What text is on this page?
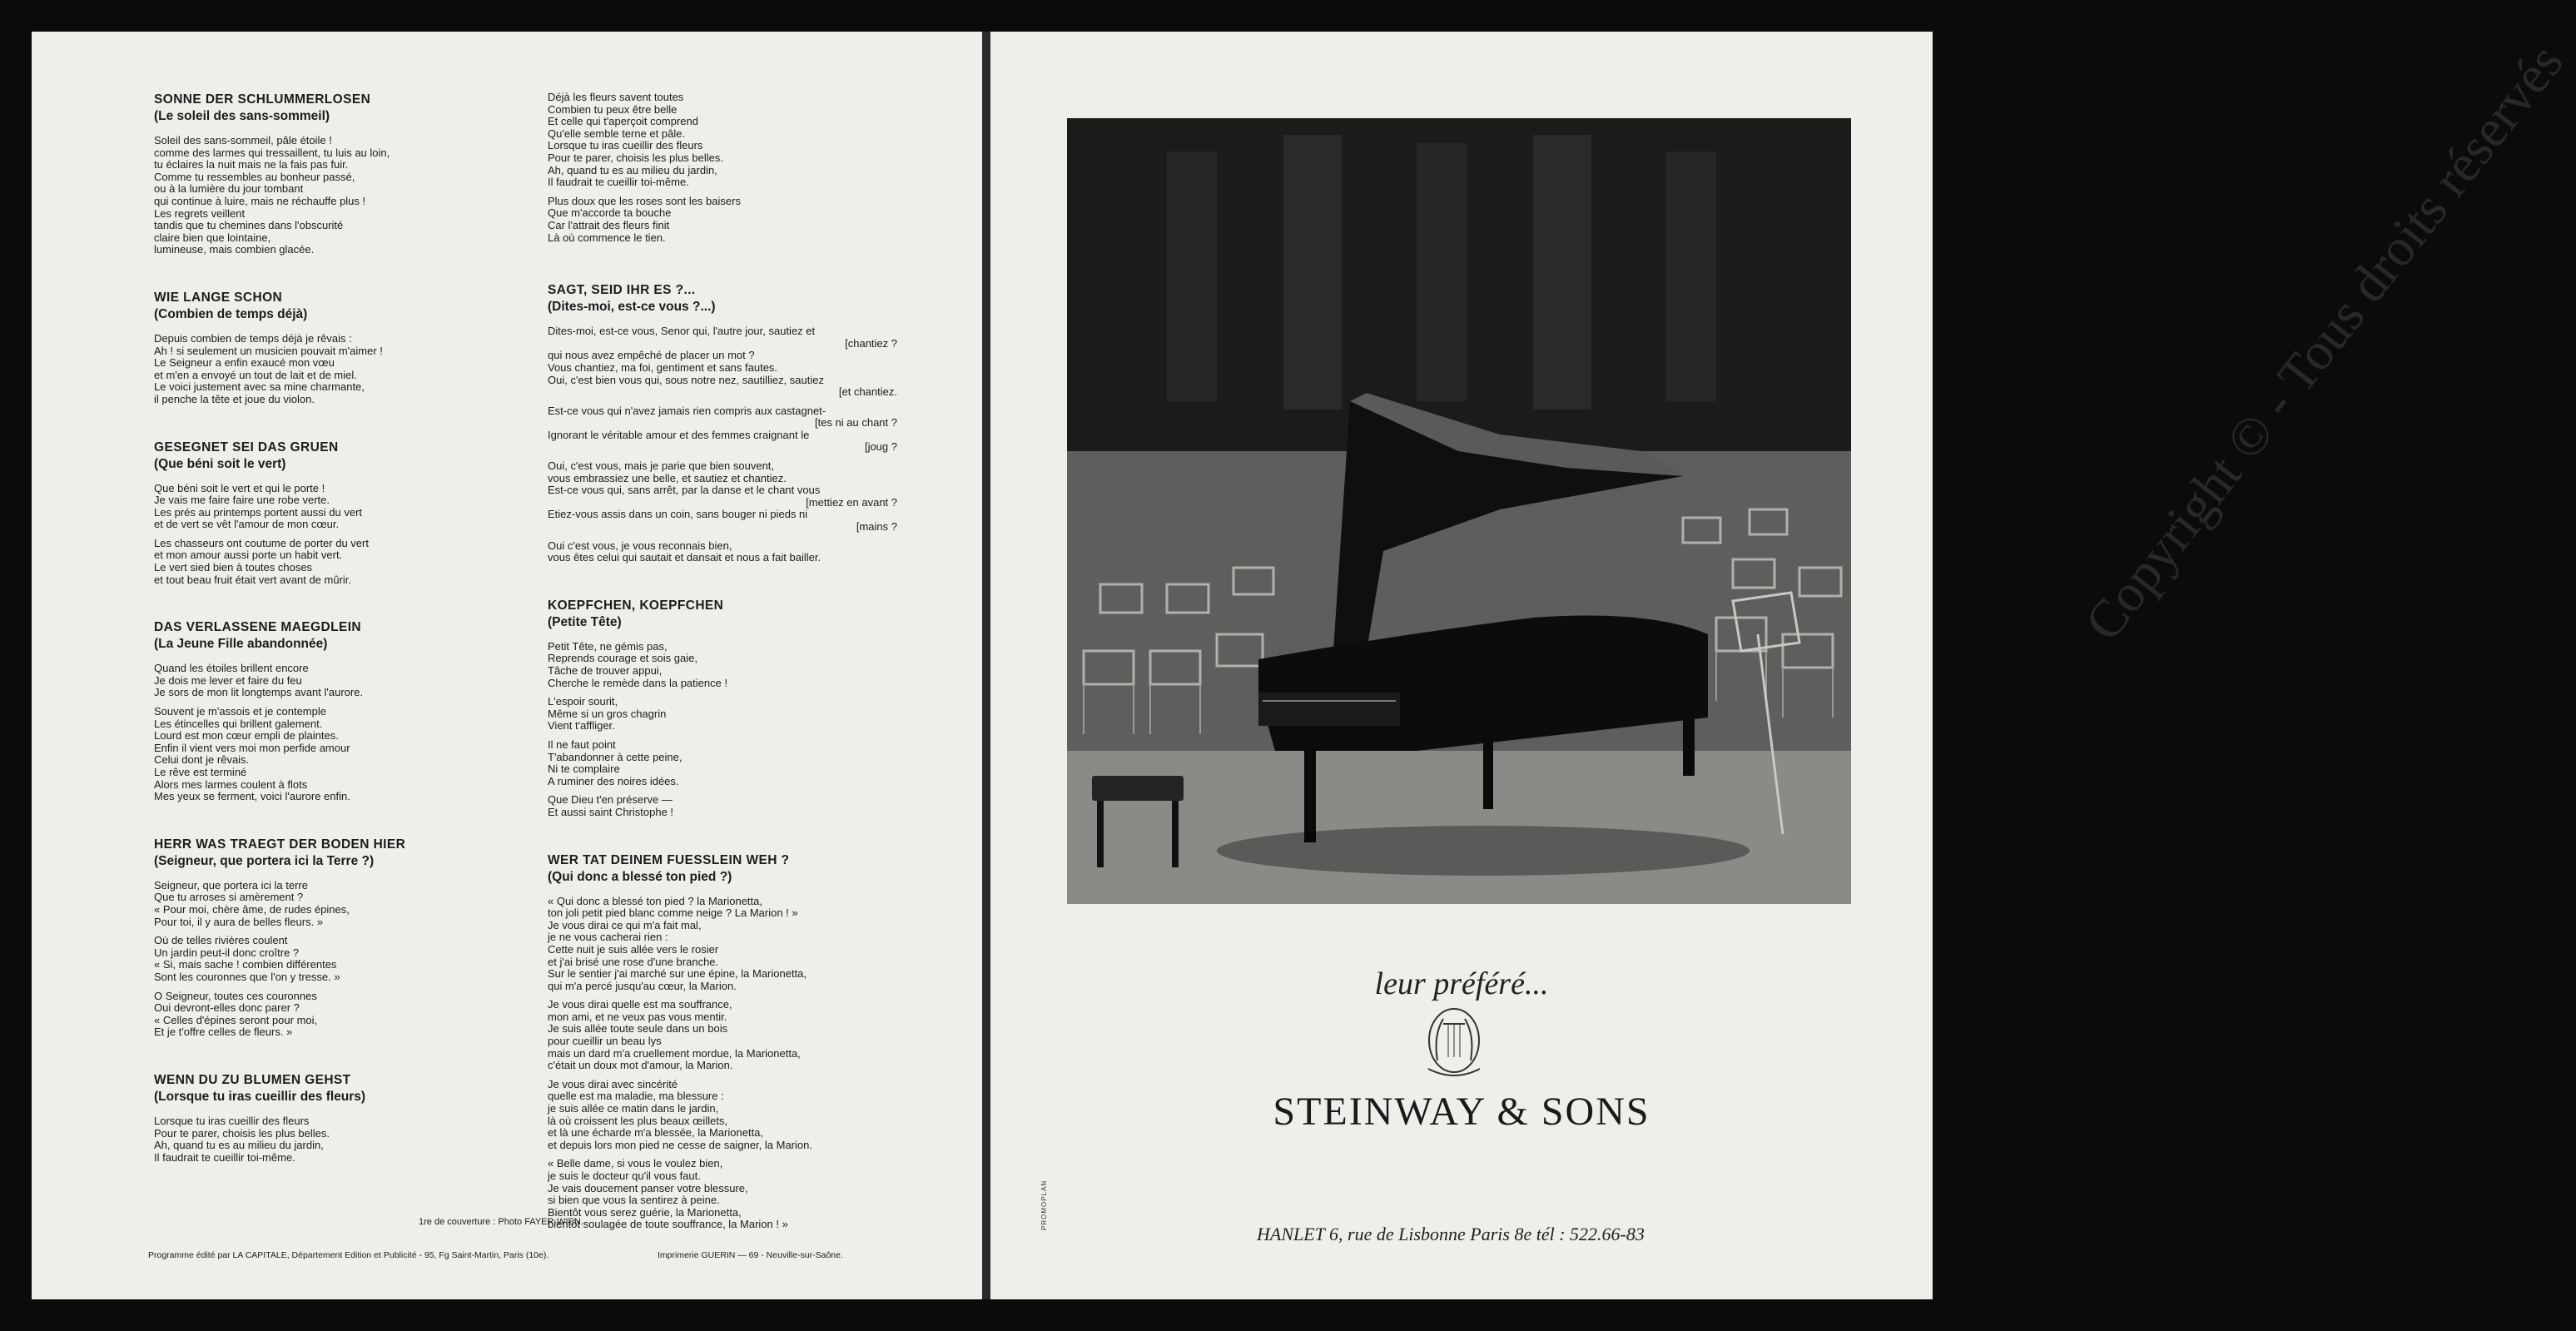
SONNE DER SCHLUMMERLOSEN
(Le soleil des sans-sommeil)
Soleil des sans-sommeil, pâle étoile !
comme des larmes qui tressaillent, tu luis au loin,
tu éclaires la nuit mais ne la fais pas fuir.
Comme tu ressembles au bonheur passé,
ou à la lumière du jour tombant
qui continue à luire, mais ne réchauffe plus !
Les regrets veillent
tandis que tu chemines dans l'obscurité
claire bien que lointaine,
lumineuse, mais combien glacée.
WIE LANGE SCHON
(Combien de temps déjà)
Depuis combien de temps déjà je rêvais :
Ah ! si seulement un musicien pouvait m'aimer !
Le Seigneur a enfin exaucé mon vœu
et m'en a envoyé un tout de lait et de miel.
Le voici justement avec sa mine charmante,
il penche la tête et joue du violon.
GESEGNET SEI DAS GRUEN
(Que béni soit le vert)
Que béni soit le vert et qui le porte !
Je vais me faire faire une robe verte.
Les prés au printemps portent aussi du vert
et de vert se vêt l'amour de mon cœur.
Les chasseurs ont coutume de porter du vert
et mon amour aussi porte un habit vert.
Le vert sied bien à toutes choses
et tout beau fruit était vert avant de mûrir.
DAS VERLASSENE MAEGDLEIN
(La Jeune Fille abandonnée)
Quand les étoiles brillent encore
Je dois me lever et faire du feu
Je sors de mon lit longtemps avant l'aurore.
Souvent je m'assois et je contemple
Les étincelles qui brillent galement.
Lourd est mon cœur empli de plaintes.
Enfin il vient vers moi mon perfide amour
Celui dont je rêvais.
Le rêve est terminé
Alors mes larmes coulent à flots
Mes yeux se ferment, voici l'aurore enfin.
HERR WAS TRAEGT DER BODEN HIER
(Seigneur, que portera ici la Terre ?)
Seigneur, que portera ici la terre
Que tu arroses si amèrement ?
« Pour moi, chère âme, de rudes épines,
Pour toi, il y aura de belles fleurs. »
Où de telles rivières coulent
Un jardin peut-il donc croître ?
« Si, mais sache ! combien différentes
Sont les couronnes que l'on y tresse. »
O Seigneur, toutes ces couronnes
Oui devront-elles donc parer ?
« Celles d'épines seront pour moi,
Et je t'offre celles de fleurs. »
WENN DU ZU BLUMEN GEHST
(Lorsque tu iras cueillir des fleurs)
Lorsque tu iras cueillir des fleurs
Pour te parer, choisis les plus belles.
Ah, quand tu es au milieu du jardin,
Il faudrait te cueillir toi-même.
Déjà les fleurs savent toutes
Combien tu peux être belle
Et celle qui t'aperçoit comprend
Qu'elle semble terne et pâle.
Lorsque tu iras cueillir des fleurs
Pour te parer, choisis les plus belles.
Ah, quand tu es au milieu du jardin,
Il faudrait te cueillir toi-même.
Plus doux que les roses sont les baisers
Que m'accorde ta bouche
Car l'attrait des fleurs finit
Là où commence le tien.
SAGT, SEID IHR ES ?...
(Dites-moi, est-ce vous ?...)
Dites-moi, est-ce vous, Senor qui, l'autre jour, sautiez et
[chantiez ?
qui nous avez empêché de placer un mot ?
Vous chantiez, ma foi, gentiment et sans fautes.
Oui, c'est bien vous qui, sous notre nez, sautilliez, sautiez
[et chantiez.
Est-ce vous qui n'avez jamais rien compris aux castagnet-
[tes ni au chant ?
Ignorant le véritable amour et des femmes craignant le
[joug ?
Oui, c'est vous, mais je parie que bien souvent,
vous embrassiez une belle, et sautiez et chantiez.
Est-ce vous qui, sans arrêt, par la danse et le chant vous
[mettiez en avant ?
Etiez-vous assis dans un coin, sans bouger ni pieds ni
[mains ?
Oui c'est vous, je vous reconnais bien,
vous êtes celui qui sautait et dansait et nous a fait bailler.
KOEPFCHEN, KOEPFCHEN
(Petite Tête)
Petit Tête, ne gémis pas,
Reprends courage et sois gaie,
Tâche de trouver appui,
Cherche le remède dans la patience !
L'espoir sourit,
Même si un gros chagrin
Vient t'affliger.
Il ne faut point
T'abandonner à cette peine,
Ni te complaire
A ruminer des noires idées.
Que Dieu t'en préserve —
Et aussi saint Christophe !
WER TAT DEINEM FUESSLEIN WEH ?
(Qui donc a blessé ton pied ?)
« Qui donc a blessé ton pied ? la Marionetta,
ton joli petit pied blanc comme neige ? La Marion ! »
Je vous dirai ce qui m'a fait mal,
je ne vous cacherai rien :
Cette nuit je suis allée vers le rosier
et j'ai brisé une rose d'une branche.
Sur le sentier j'ai marché sur une épine, la Marionetta,
qui m'a percé jusqu'au cœur, la Marion.
Je vous dirai quelle est ma souffrance,
mon ami, et ne veux pas vous mentir.
Je suis allée toute seule dans un bois
pour cueillir un beau lys
mais un dard m'a cruellement mordue, la Marionetta,
c'était un doux mot d'amour, la Marion.
Je vous dirai avec sincérité
quelle est ma maladie, ma blessure :
je suis allée ce matin dans le jardin,
là où croissent les plus beaux œillets,
et là une écharde m'a blessée, la Marionetta,
et depuis lors mon pied ne cesse de saigner, la Marion.
« Belle dame, si vous le voulez bien,
je suis le docteur qu'il vous faut.
Je vais doucement panser votre blessure,
si bien que vous la sentirez à peine.
Bientôt vous serez guérie, la Marionetta,
bientôt soulagée de toute souffrance, la Marion ! »
1re de couverture : Photo FAYER-WIEN.
Programme édité par LA CAPITALE, Département Edition et Publicité - 95, Fg Saint-Martin, Paris (10e).	Imprimerie GUERIN — 69 - Neuville-sur-Saône.
leur préféré...
STEINWAY & SONS
HANLET 6, rue de Lisbonne Paris 8e tél : 522.66-83
PROMOPLAN
Copyright © - Tous droits réservés
